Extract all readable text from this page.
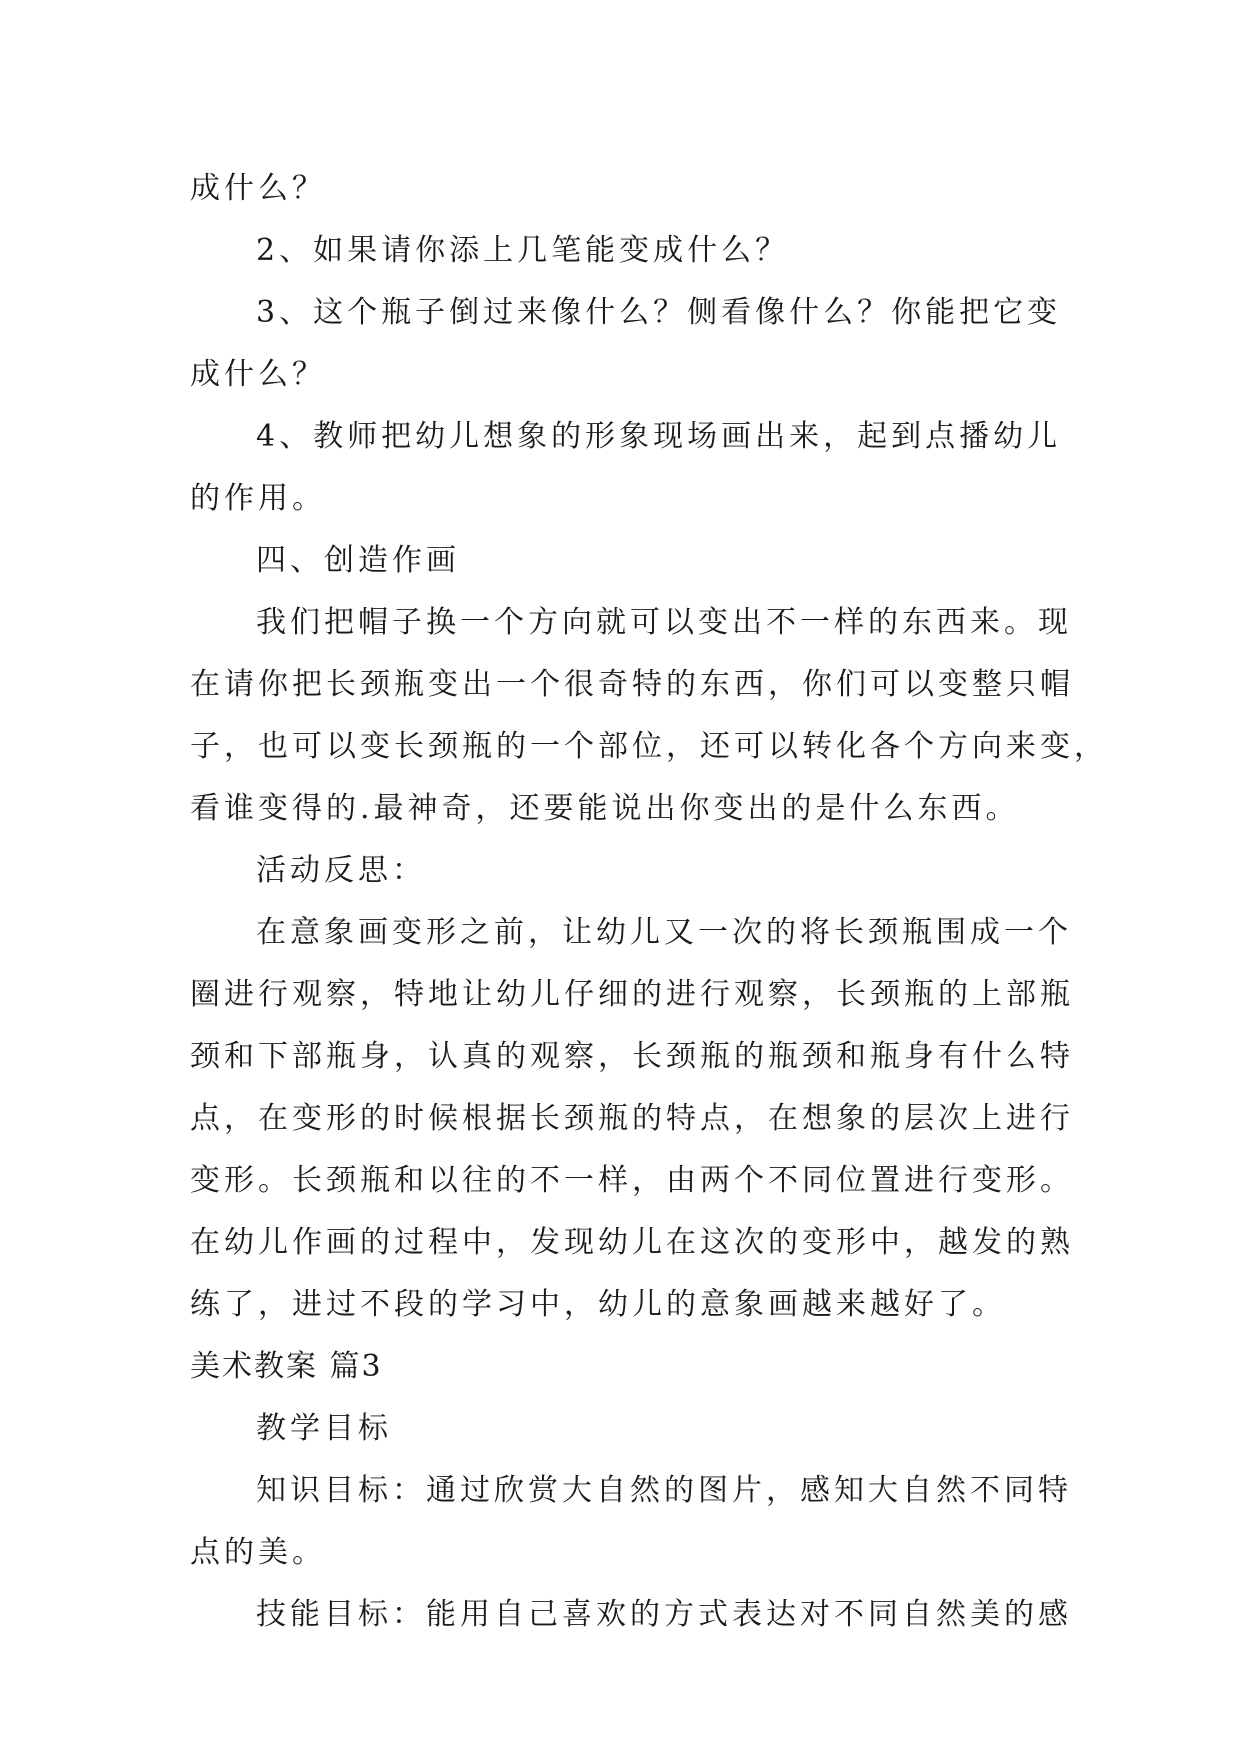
成什么？
2、如果请你添上几笔能变成什么？
3、这个瓶子倒过来像什么？侧看像什么？你能把它变
成什么？
4、教师把幼儿想象的形象现场画出来，起到点播幼儿
的作用。
四、创造作画
我们把帽子换一个方向就可以变出不一样的东西来。现
在请你把长颈瓶变出一个很奇特的东西，你们可以变整只帽
子，也可以变长颈瓶的一个部位，还可以转化各个方向来变，
看谁变得的.最神奇，还要能说出你变出的是什么东西。
活动反思：
在意象画变形之前，让幼儿又一次的将长颈瓶围成一个
圈进行观察，特地让幼儿仔细的进行观察，长颈瓶的上部瓶
颈和下部瓶身，认真的观察，长颈瓶的瓶颈和瓶身有什么特
点，在变形的时候根据长颈瓶的特点，在想象的层次上进行
变形。长颈瓶和以往的不一样，由两个不同位置进行变形。
在幼儿作画的过程中，发现幼儿在这次的变形中，越发的熟
练了，进过不段的学习中，幼儿的意象画越来越好了。
美术教案 篇3
教学目标
知识目标：通过欣赏大自然的图片，感知大自然不同特
点的美。
技能目标：能用自己喜欢的方式表达对不同自然美的感
